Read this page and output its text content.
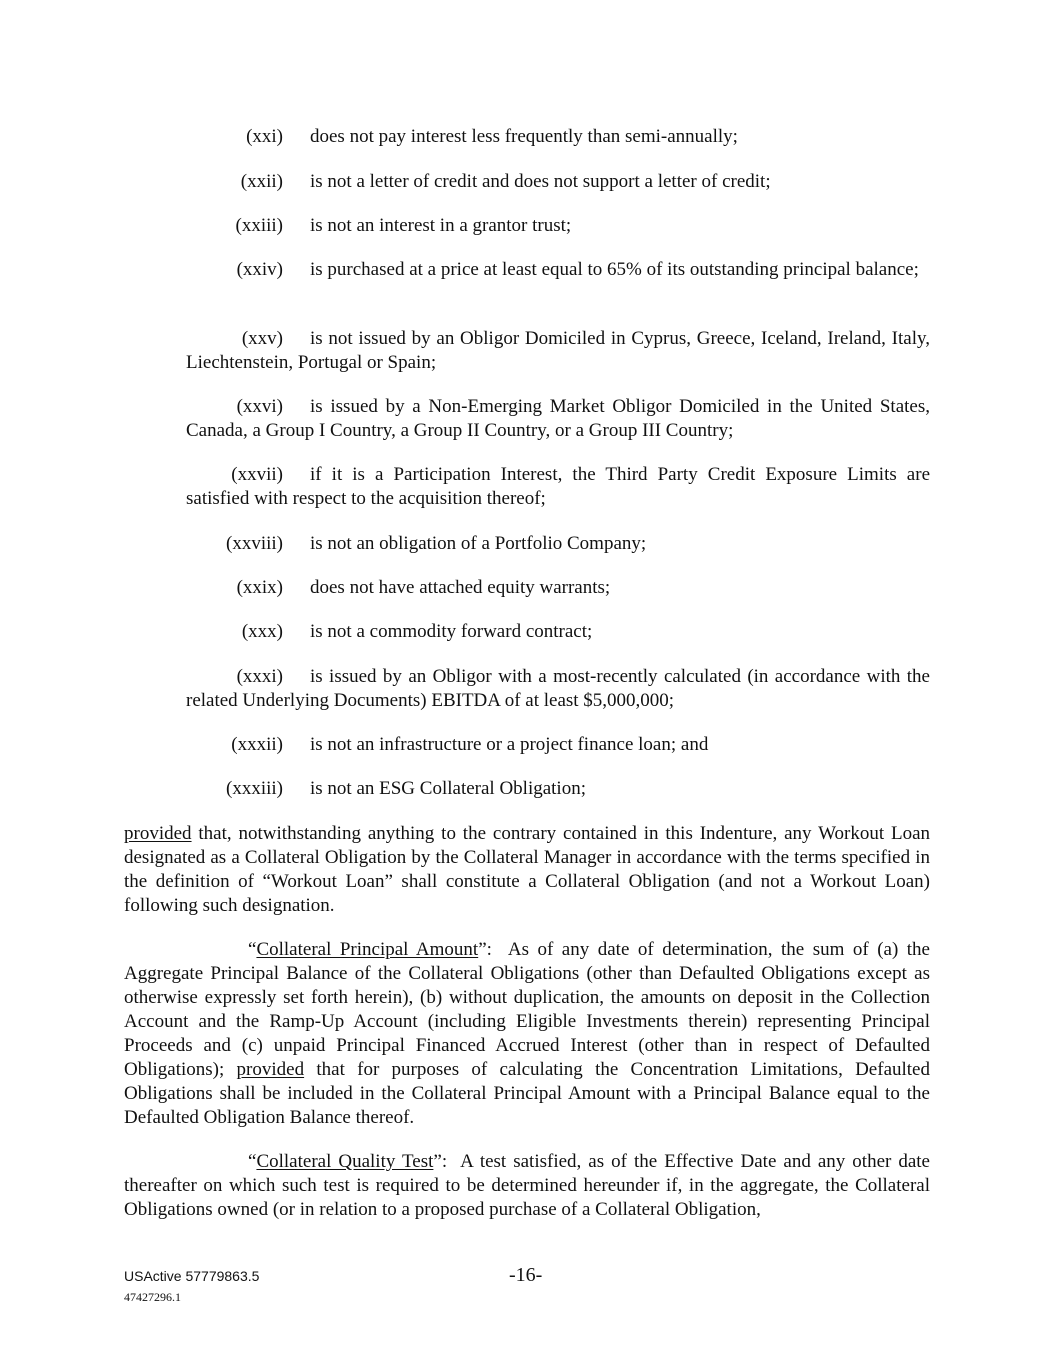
(xxi) does not pay interest less frequently than semi-annually;
(xxii) is not a letter of credit and does not support a letter of credit;
(xxiii) is not an interest in a grantor trust;
(xxiv) is purchased at a price at least equal to 65% of its outstanding principal balance;
(xxv) is not issued by an Obligor Domiciled in Cyprus, Greece, Iceland, Ireland, Italy, Liechtenstein, Portugal or Spain;
(xxvi) is issued by a Non-Emerging Market Obligor Domiciled in the United States, Canada, a Group I Country, a Group II Country, or a Group III Country;
(xxvii) if it is a Participation Interest, the Third Party Credit Exposure Limits are satisfied with respect to the acquisition thereof;
(xxviii) is not an obligation of a Portfolio Company;
(xxix) does not have attached equity warrants;
(xxx) is not a commodity forward contract;
(xxxi) is issued by an Obligor with a most-recently calculated (in accordance with the related Underlying Documents) EBITDA of at least $5,000,000;
(xxxii) is not an infrastructure or a project finance loan; and
(xxxiii) is not an ESG Collateral Obligation;
provided that, notwithstanding anything to the contrary contained in this Indenture, any Workout Loan designated as a Collateral Obligation by the Collateral Manager in accordance with the terms specified in the definition of “Workout Loan” shall constitute a Collateral Obligation (and not a Workout Loan) following such designation.
“Collateral Principal Amount”:  As of any date of determination, the sum of (a) the Aggregate Principal Balance of the Collateral Obligations (other than Defaulted Obligations except as otherwise expressly set forth herein), (b) without duplication, the amounts on deposit in the Collection Account and the Ramp-Up Account (including Eligible Investments therein) representing Principal Proceeds and (c) unpaid Principal Financed Accrued Interest (other than in respect of Defaulted Obligations); provided that for purposes of calculating the Concentration Limitations, Defaulted Obligations shall be included in the Collateral Principal Amount with a Principal Balance equal to the Defaulted Obligation Balance thereof.
“Collateral Quality Test”:  A test satisfied, as of the Effective Date and any other date thereafter on which such test is required to be determined hereunder if, in the aggregate, the Collateral Obligations owned (or in relation to a proposed purchase of a Collateral Obligation,
USActive 57779863.5
47427296.1
-16-
